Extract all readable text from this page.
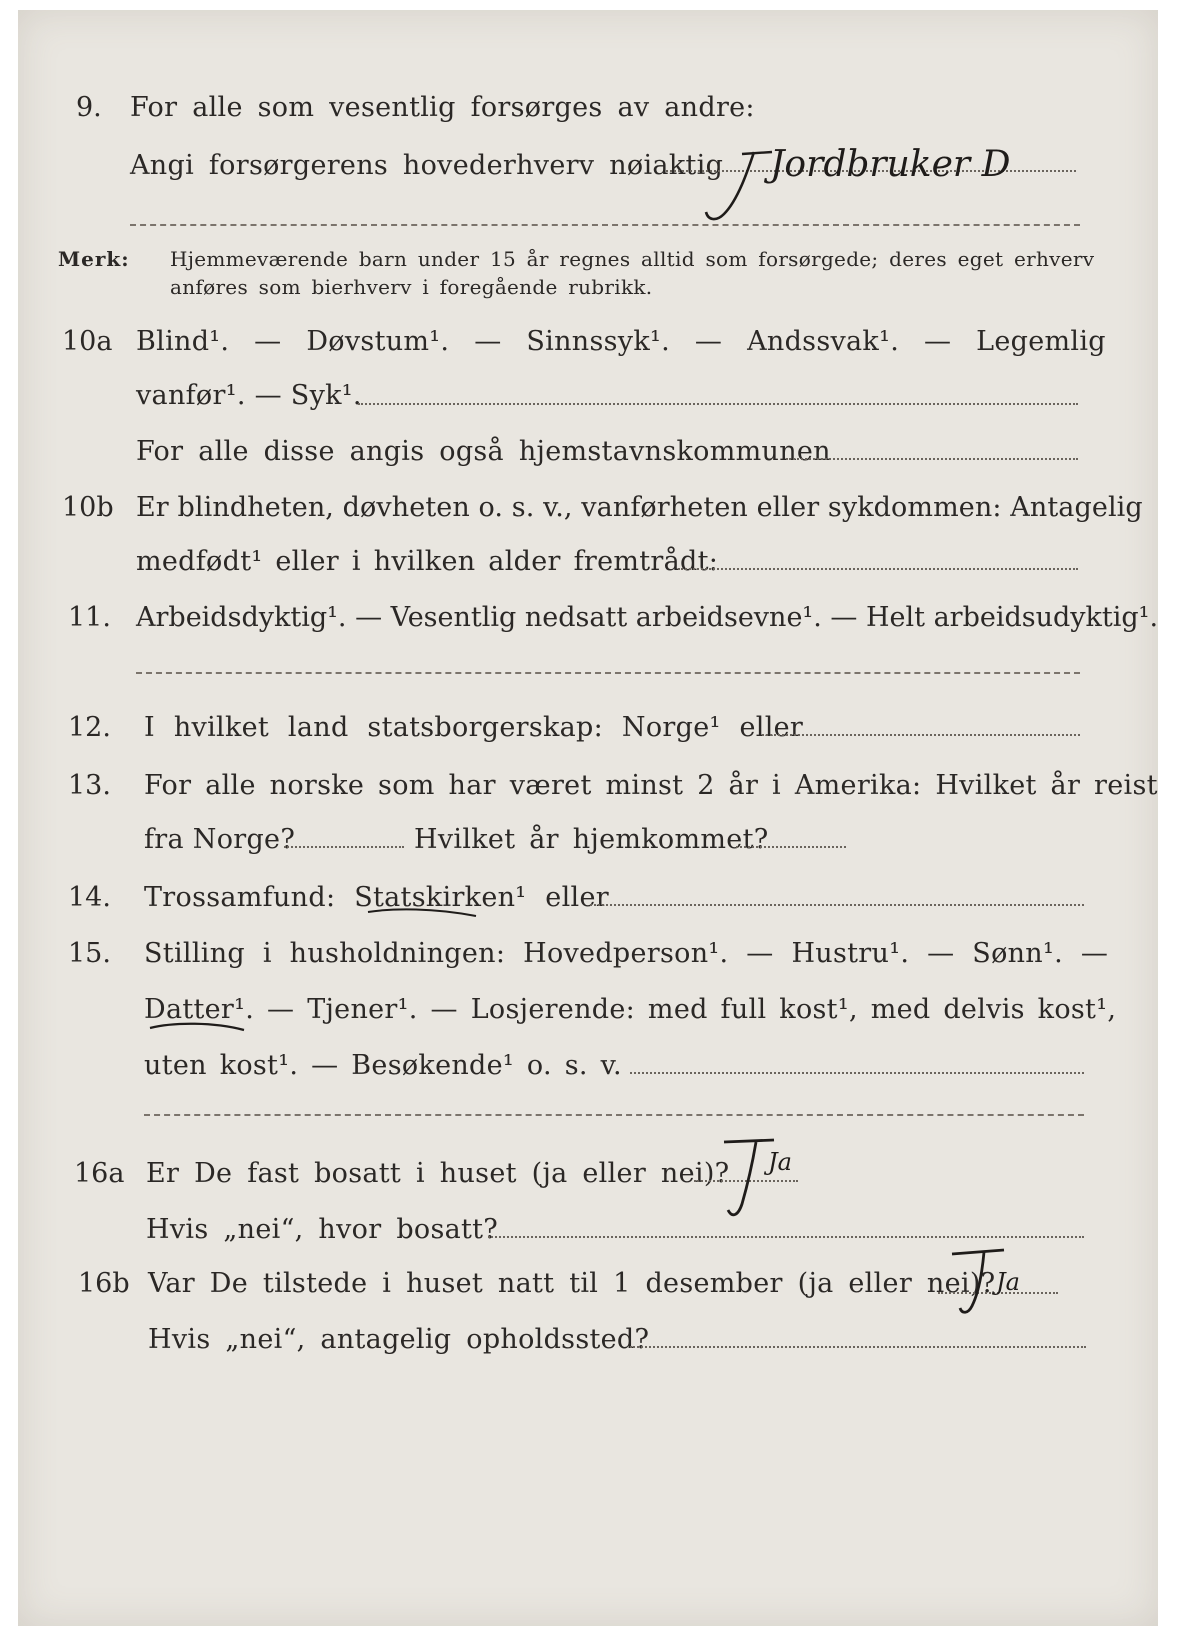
9. For alle som vesentlig forsørges av andre:
Angi forsørgerens hovederhverv nøiaktig Jordbruker D
Merk: Hjemmeværende barn under 15 år regnes alltid som forsørgede; deres eget erhverv
anføres som bierhverv i foregående rubrikk.
10a Blind¹. — Døvstum¹. — Sinnssyk¹. — Andssvak¹. — Legemlig
vanfør¹. — Syk¹.
For alle disse angis også hjemstavnskommunen
10b Er blindheten, døvheten o. s. v., vanførheten eller sykdommen: Antagelig
medfødt¹ eller i hvilken alder fremtrådt:
11. Arbeidsdyktig¹. — Vesentlig nedsatt arbeidsevne¹. — Helt arbeidsudyktig¹.
12. I hvilket land statsborgerskap: Norge¹ eller
13. For alle norske som har været minst 2 år i Amerika: Hvilket år reist
fra Norge?	Hvilket år hjemkommet?
14. Trossamfund: Statskirken¹ eller
15. Stilling i husholdningen: Hovedperson¹. — Hustru¹. — Sønn¹. —
Datter¹. — Tjener¹. — Losjerende: med full kost¹, med delvis kost¹,
uten kost¹. — Besøkende¹ o. s. v.
16a Er De fast bosatt i huset (ja eller nei)? Ja
Hvis „nei“, hvor bosatt?
16b Var De tilstede i huset natt til 1 desember (ja eller nei)? Ja
Hvis „nei“, antagelig opholdssted?
